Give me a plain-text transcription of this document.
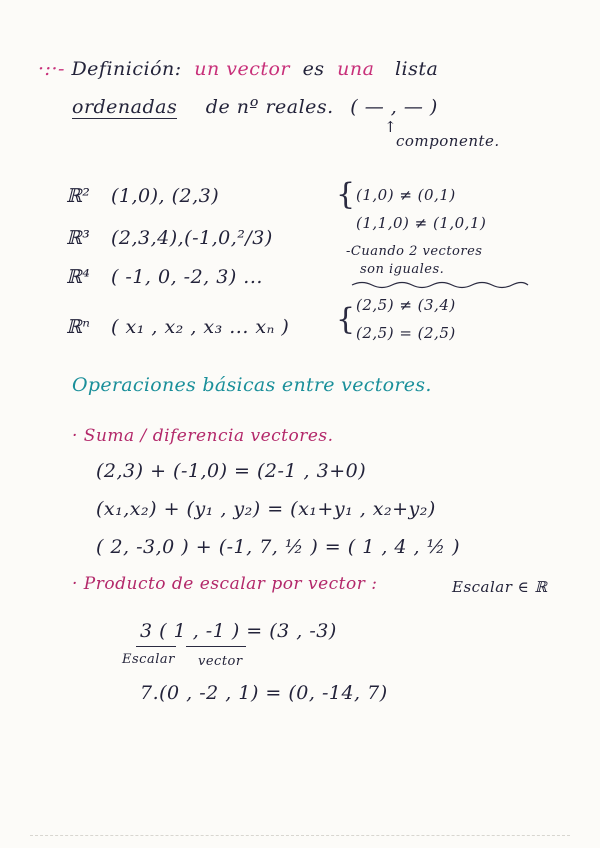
·:·- Definición: un vector es una lista
ordenadas de nº reales. ( — , — )
↑
componente.
ℝ² (1,0), (2,3)
ℝ³ (2,3,4),(-1,0,²/3)
ℝ⁴ ( -1, 0, -2, 3) ...
ℝⁿ ( x₁ , x₂ , x₃ ... xₙ )
{
{
(1,0) ≠ (0,1)
(1,1,0) ≠ (1,0,1)
-Cuando 2 vectores
son iguales.
(2,5) ≠ (3,4)
(2,5) = (2,5)
Operaciones básicas entre vectores.
· Suma / diferencia vectores.
(2,3) + (-1,0) = (2-1 , 3+0)
(x₁,x₂) + (y₁ , y₂) = (x₁+y₁ , x₂+y₂)
( 2, -3,0 ) + (-1, 7, ½ ) = ( 1 , 4 , ½ )
· Producto de escalar por vector :	Escalar ∈ ℝ
3 ( 1 , -1 ) = (3 , -3)
Escalar vector
7.(0 , -2 , 1) = (0, -14, 7)
